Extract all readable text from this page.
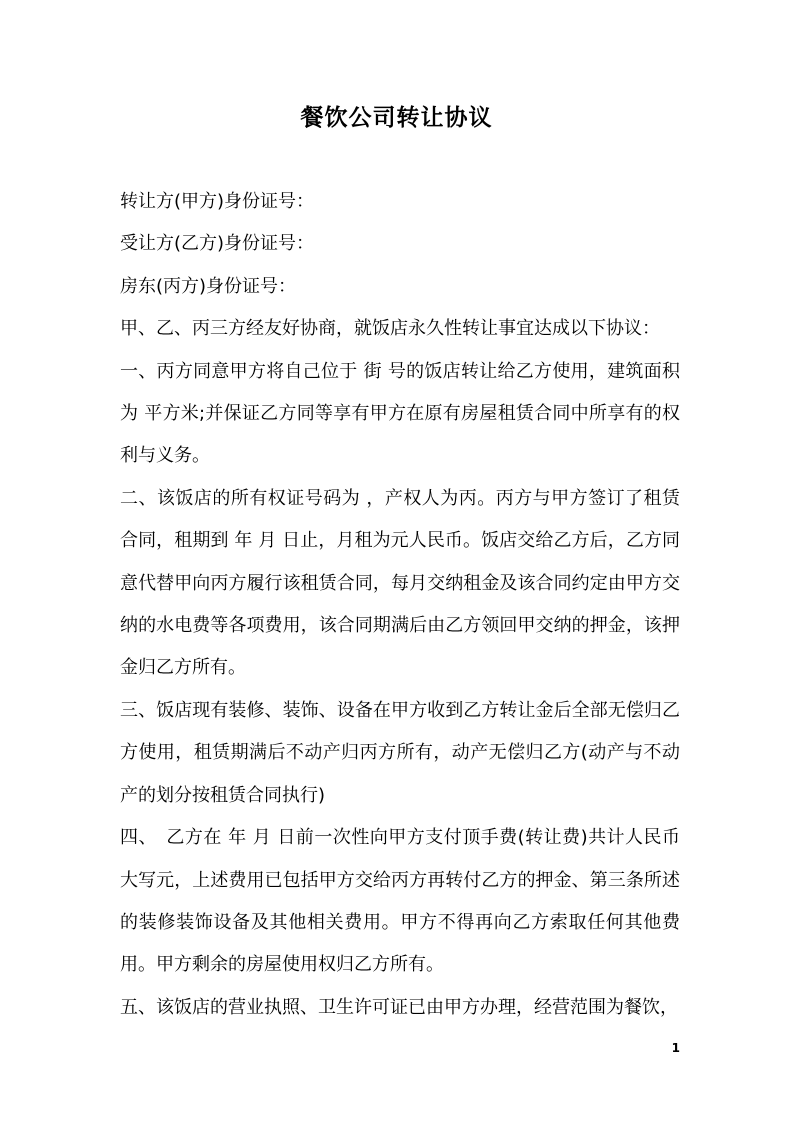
餐饮公司转让协议

转让方(甲方)身份证号：

受让方(乙方)身份证号：

房东(丙方)身份证号：

甲、乙、丙三方经友好协商，就饭店永久性转让事宜达成以下协议：

一、丙方同意甲方将自己位于 街 号的饭店转让给乙方使用，建筑面积为 平方米;并保证乙方同等享有甲方在原有房屋租赁合同中所享有的权利与义务。

二、该饭店的所有权证号码为 ，产权人为丙。丙方与甲方签订了租赁合同，租期到 年 月 日止，月租为元人民币。饭店交给乙方后，乙方同意代替甲向丙方履行该租赁合同，每月交纳租金及该合同约定由甲方交纳的水电费等各项费用，该合同期满后由乙方领回甲交纳的押金，该押金归乙方所有。

三、饭店现有装修、装饰、设备在甲方收到乙方转让金后全部无偿归乙方使用，租赁期满后不动产归丙方所有，动产无偿归乙方(动产与不动产的划分按租赁合同执行)

四、　乙方在 年 月 日前一次性向甲方支付顶手费(转让费)共计人民币大写元，上述费用已包括甲方交给丙方再转付乙方的押金、第三条所述的装修装饰设备及其他相关费用。甲方不得再向乙方索取任何其他费用。甲方剩余的房屋使用权归乙方所有。

五、该饭店的营业执照、卫生许可证已由甲方办理，经营范围为餐饮，

1
